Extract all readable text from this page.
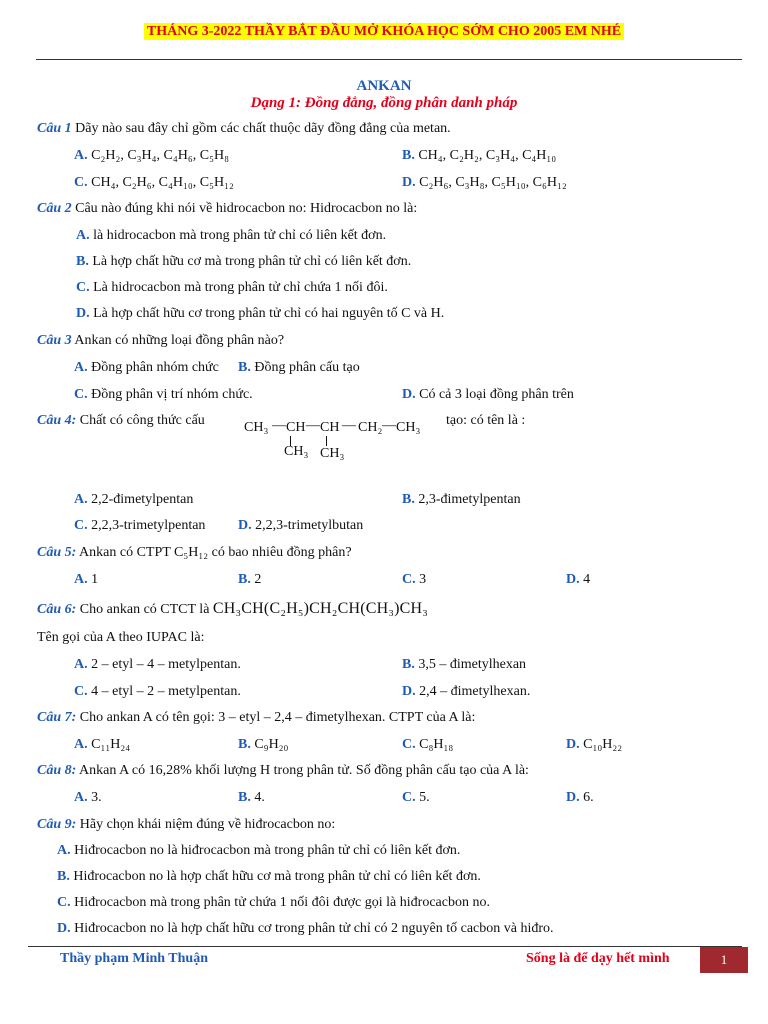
THÁNG 3-2022 THẦY BẮT ĐẦU MỞ KHÓA HỌC SỚM CHO 2005 EM NHÉ
ANKAN
Dạng 1: Đồng đẳng, đồng phân danh pháp
Câu 1 Dãy nào sau đây chỉ gồm các chất thuộc dãy đồng đẳng của metan.
A. C₂H₂, C₃H₄, C₄H₆, C₅H₈	B. CH₄, C₂H₂, C₃H₄, C₄H₁₀
C. CH₄, C₂H₆, C₄H₁₀, C₅H₁₂	D. C₂H₆, C₃H₈, C₅H₁₀, C₆H₁₂
Câu 2 Câu nào đúng khi nói về hidrocacbon no: Hidrocacbon no là:
A. là hidrocacbon mà trong phân tử chỉ có liên kết đơn.
B. Là hợp chất hữu cơ mà trong phân tử chỉ có liên kết đơn.
C. Là hidrocacbon mà trong phân tử chỉ chứa 1 nối đôi.
D. Là hợp chất hữu cơ trong phân tử chỉ có hai nguyên tố C và H.
Câu 3 Ankan có những loại đồng phân nào?
A. Đồng phân nhóm chức B. Đồng phân cấu tạo
C. Đồng phân vị trí nhóm chức.	D. Có cả 3 loại đồng phân trên
Câu 4: Chất có công thức cấu	tạo: có tên là :
CH₃ — CH — CH — CH₂ — CH₃
CH₃ CH₃
A. 2,2-đimetylpentan	B. 2,3-đimetylpentan
C. 2,2,3-trimetylpentan D. 2,2,3-trimetylbutan
Câu 5: Ankan có CTPT C₅H₁₂ có bao nhiêu đồng phân?
A. 1	B. 2	C. 3	D. 4
Câu 6: Cho ankan có CTCT là CH₃CH(C₂H₅)CH₂CH(CH₃)CH₃
Tên gọi của A theo IUPAC là:
A. 2 – etyl – 4 – metylpentan.	B. 3,5 – đimetylhexan
C. 4 – etyl – 2 – metylpentan.	D. 2,4 – đimetylhexan.
Câu 7: Cho ankan A có tên gọi: 3 – etyl – 2,4 – đimetylhexan. CTPT của A là:
A. C₁₁H₂₄	B. C₉H₂₀	C. C₈H₁₈	D. C₁₀H₂₂
Câu 8: Ankan A có 16,28% khối lượng H trong phân tử. Số đồng phân cấu tạo của A là:
A. 3.	B. 4.	C. 5.	D. 6.
Câu 9: Hãy chọn khái niệm đúng về hiđrocacbon no:
A. Hiđrocacbon no là hiđrocacbon mà trong phân tử chỉ có liên kết đơn.
B. Hiđrocacbon no là hợp chất hữu cơ mà trong phân tử chỉ có liên kết đơn.
C. Hiđrocacbon mà trong phân tử chứa 1 nối đôi được gọi là hiđrocacbon no.
D. Hiđrocacbon no là hợp chất hữu cơ trong phân tử chỉ có 2 nguyên tố cacbon và hiđro.
Thầy phạm Minh Thuận	Sống là để dạy hết mình	1
